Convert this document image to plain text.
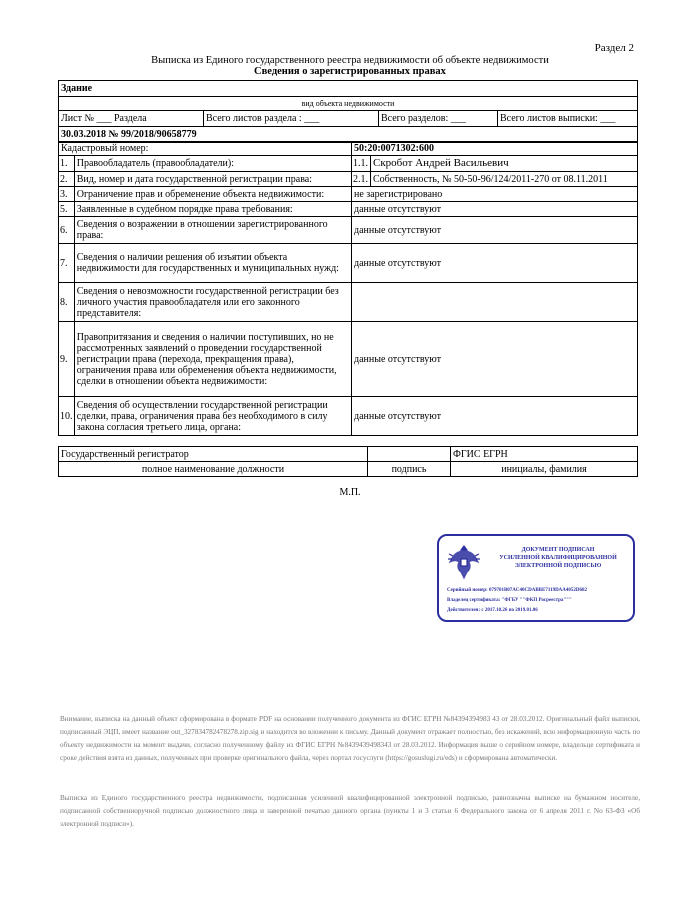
Раздел 2
Выписка из Единого государственного реестра недвижимости об объекте недвижимости
Сведения о зарегистрированных правах
Здание
вид объекта недвижимости
Лист № ___ Раздела	Всего листов раздела : ___	Всего разделов: ___	Всего листов выписки: ___
30.03.2018 № 99/2018/90658779
Кадастровый номер:		50:20:0071302:600	
1.	Правообладатель (правообладатели):	1.1.	Скробот Андрей Васильевич
2.	Вид, номер и дата государственной регистрации права:	2.1.	Собственность, № 50-50-96/124/2011-270 от 08.11.2011
3.	Ограничение прав и обременение объекта недвижимости:	не зарегистрировано	
5.	Заявленные в судебном порядке права требования:	данные отсутствуют	
6.	Сведения о возражении в отношении зарегистрированного права:	данные отсутствуют	
7.	Сведения о наличии решения об изъятии объекта недвижимости для государственных и муниципальных нужд:	данные отсутствуют	
8.	Сведения о невозможности государственной регистрации без личного участия правообладателя или его законного представителя:		
9.	Правопритязания и сведения о наличии поступивших, но не рассмотренных заявлений о проведении государственной регистрации права (перехода, прекращения права), ограничения права или обременения объекта недвижимости, сделки в отношении объекта недвижимости:	данные отсутствуют	
10.	Сведения об осуществлении государственной регистрации сделки, права, ограничения права без необходимого в силу закона согласия третьего лица, органа:	данные отсутствуют	
Государственный регистратор		ФГИС ЕГРН
полное наименование должности	подпись	инициалы, фамилия
М.П.
ДОКУМЕНТ ПОДПИСАН
УСИЛЕННОЙ КВАЛИФИЦИРОВАННОЙ
ЭЛЕКТРОННОЙ ПОДПИСЬЮ
Серийный номер: 079701B07AC40CDABBE7119DAA4052D682
Владелец сертификата: "ФГБУ ""ФКП Росреестра"""
Действителен: с 2017.10.26 по 2019.01.06
Внимание, выписка на данный объект сформирована в формате PDF на основании полученного документа из ФГИС ЕГРН №84394394983 43 от 28.03.2012. Оригинальный файл выписки, подписанный ЭЦП, имеет название out_327834782478278.zip.sig и находится во вложении к письму. Данный документ отражает полностью, без искажений, всю информационную часть по объекту недвижимости на момент выдачи, согласно полученному файлу из ФГИС ЕГРН №8439439498343 от 28.03.2012. Информация выше о серийном номере, владельце сертификата и сроке действия взята из данных, полученных при проверке оригинального файла, через портал госуслуги (https://gosuslugi.ru/eds) и сформирована автоматически.
Выписка из Единого государственного реестра недвижимости, подписанная усиленной квалифицированной электронной подписью, равнозначна выписке на бумажном носителе, подписанной собственноручной подписью должностного лица и заверенной печатью данного органа (пункты 1 и 3 статьи 6 Федерального закона от 6 апреля 2011 г. No 63-ФЗ «Об электронной подписи»).
